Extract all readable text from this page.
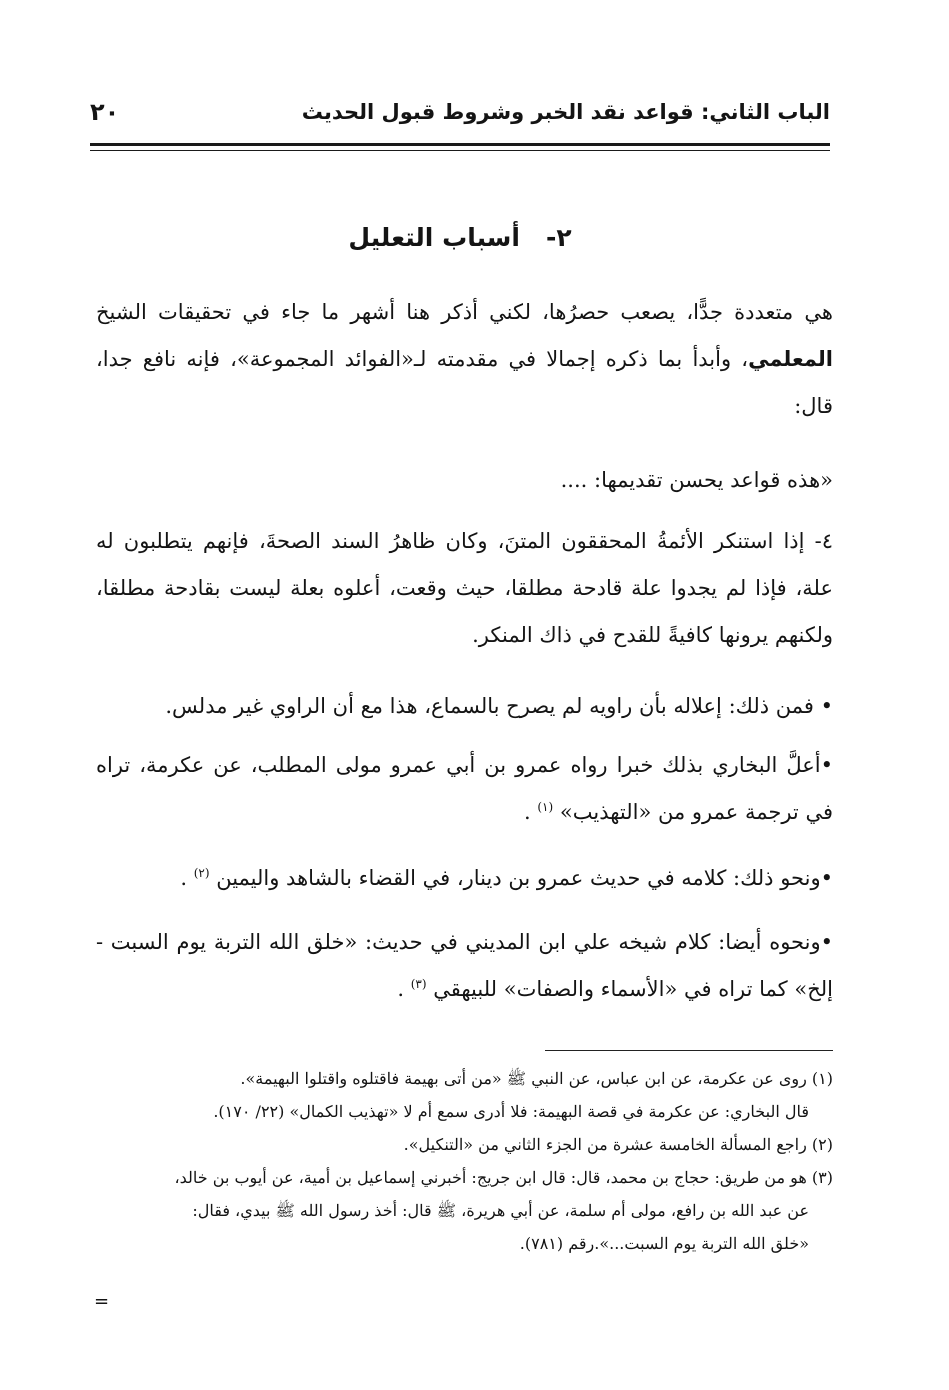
الباب الثاني: قواعد نقد الخبر وشروط قبول الحديث
٢٠
٢-أسباب التعليل

هي متعددة جدًّا، يصعب حصرُها، لكني أذكر هنا أشهر ما جاء في تحقيقات الشيخ المعلمي، وأبدأ بما ذكره إجمالا في مقدمته لـ«الفوائد المجموعة»، فإنه نافع جدا، قال:

«هذه قواعد يحسن تقديمها: ....

٤- إذا استنكر الأئمةُ المحققون المتنَ، وكان ظاهرُ السند الصحةَ، فإنهم يتطلبون له علة، فإذا لم يجدوا علة قادحة مطلقا، حيث وقعت، أعلوه بعلة ليست بقادحة مطلقا، ولكنهم يرونها كافيةً للقدح في ذاك المنكر.

• فمن ذلك: إعلاله بأن راويه لم يصرح بالسماع، هذا مع أن الراوي غير مدلس.

•أعلَّ البخاري بذلك خبرا رواه عمرو بن أبي عمرو مولى المطلب، عن عكرمة، تراه في ترجمة عمرو من «التهذيب» $^{(١)}$ .

•ونحو ذلك: كلامه في حديث عمرو بن دينار، في القضاء بالشاهد واليمين $^{(٢)}$ .

•ونحوه أيضا: كلام شيخه علي ابن المديني في حديث: «خلق الله التربة يوم السبت - إلخ» كما تراه في «الأسماء والصفات» للبيهقي $^{(٣)}$ .

(١) روى عن عكرمة، عن ابن عباس، عن النبي ﷺ «من أتى بهيمة فاقتلوه واقتلوا البهيمة».

قال البخاري: عن عكرمة في قصة البهيمة: فلا أدرى سمع أم لا «تهذيب الكمال» (٢٢/ ١٧٠).

(٢) راجع المسألة الخامسة عشرة من الجزء الثاني من «التنكيل».

(٣) هو من طريق: حجاج بن محمد، قال: قال ابن جريج: أخبرني إسماعيل بن أمية، عن أيوب بن خالد،

عن عبد الله بن رافع، مولى أم سلمة، عن أبي هريرة، ﷺ قال: أخذ رسول الله ﷺ بيدي، فقال:

«خلق الله التربة يوم السبت...».رقم (٧٨١).

=
